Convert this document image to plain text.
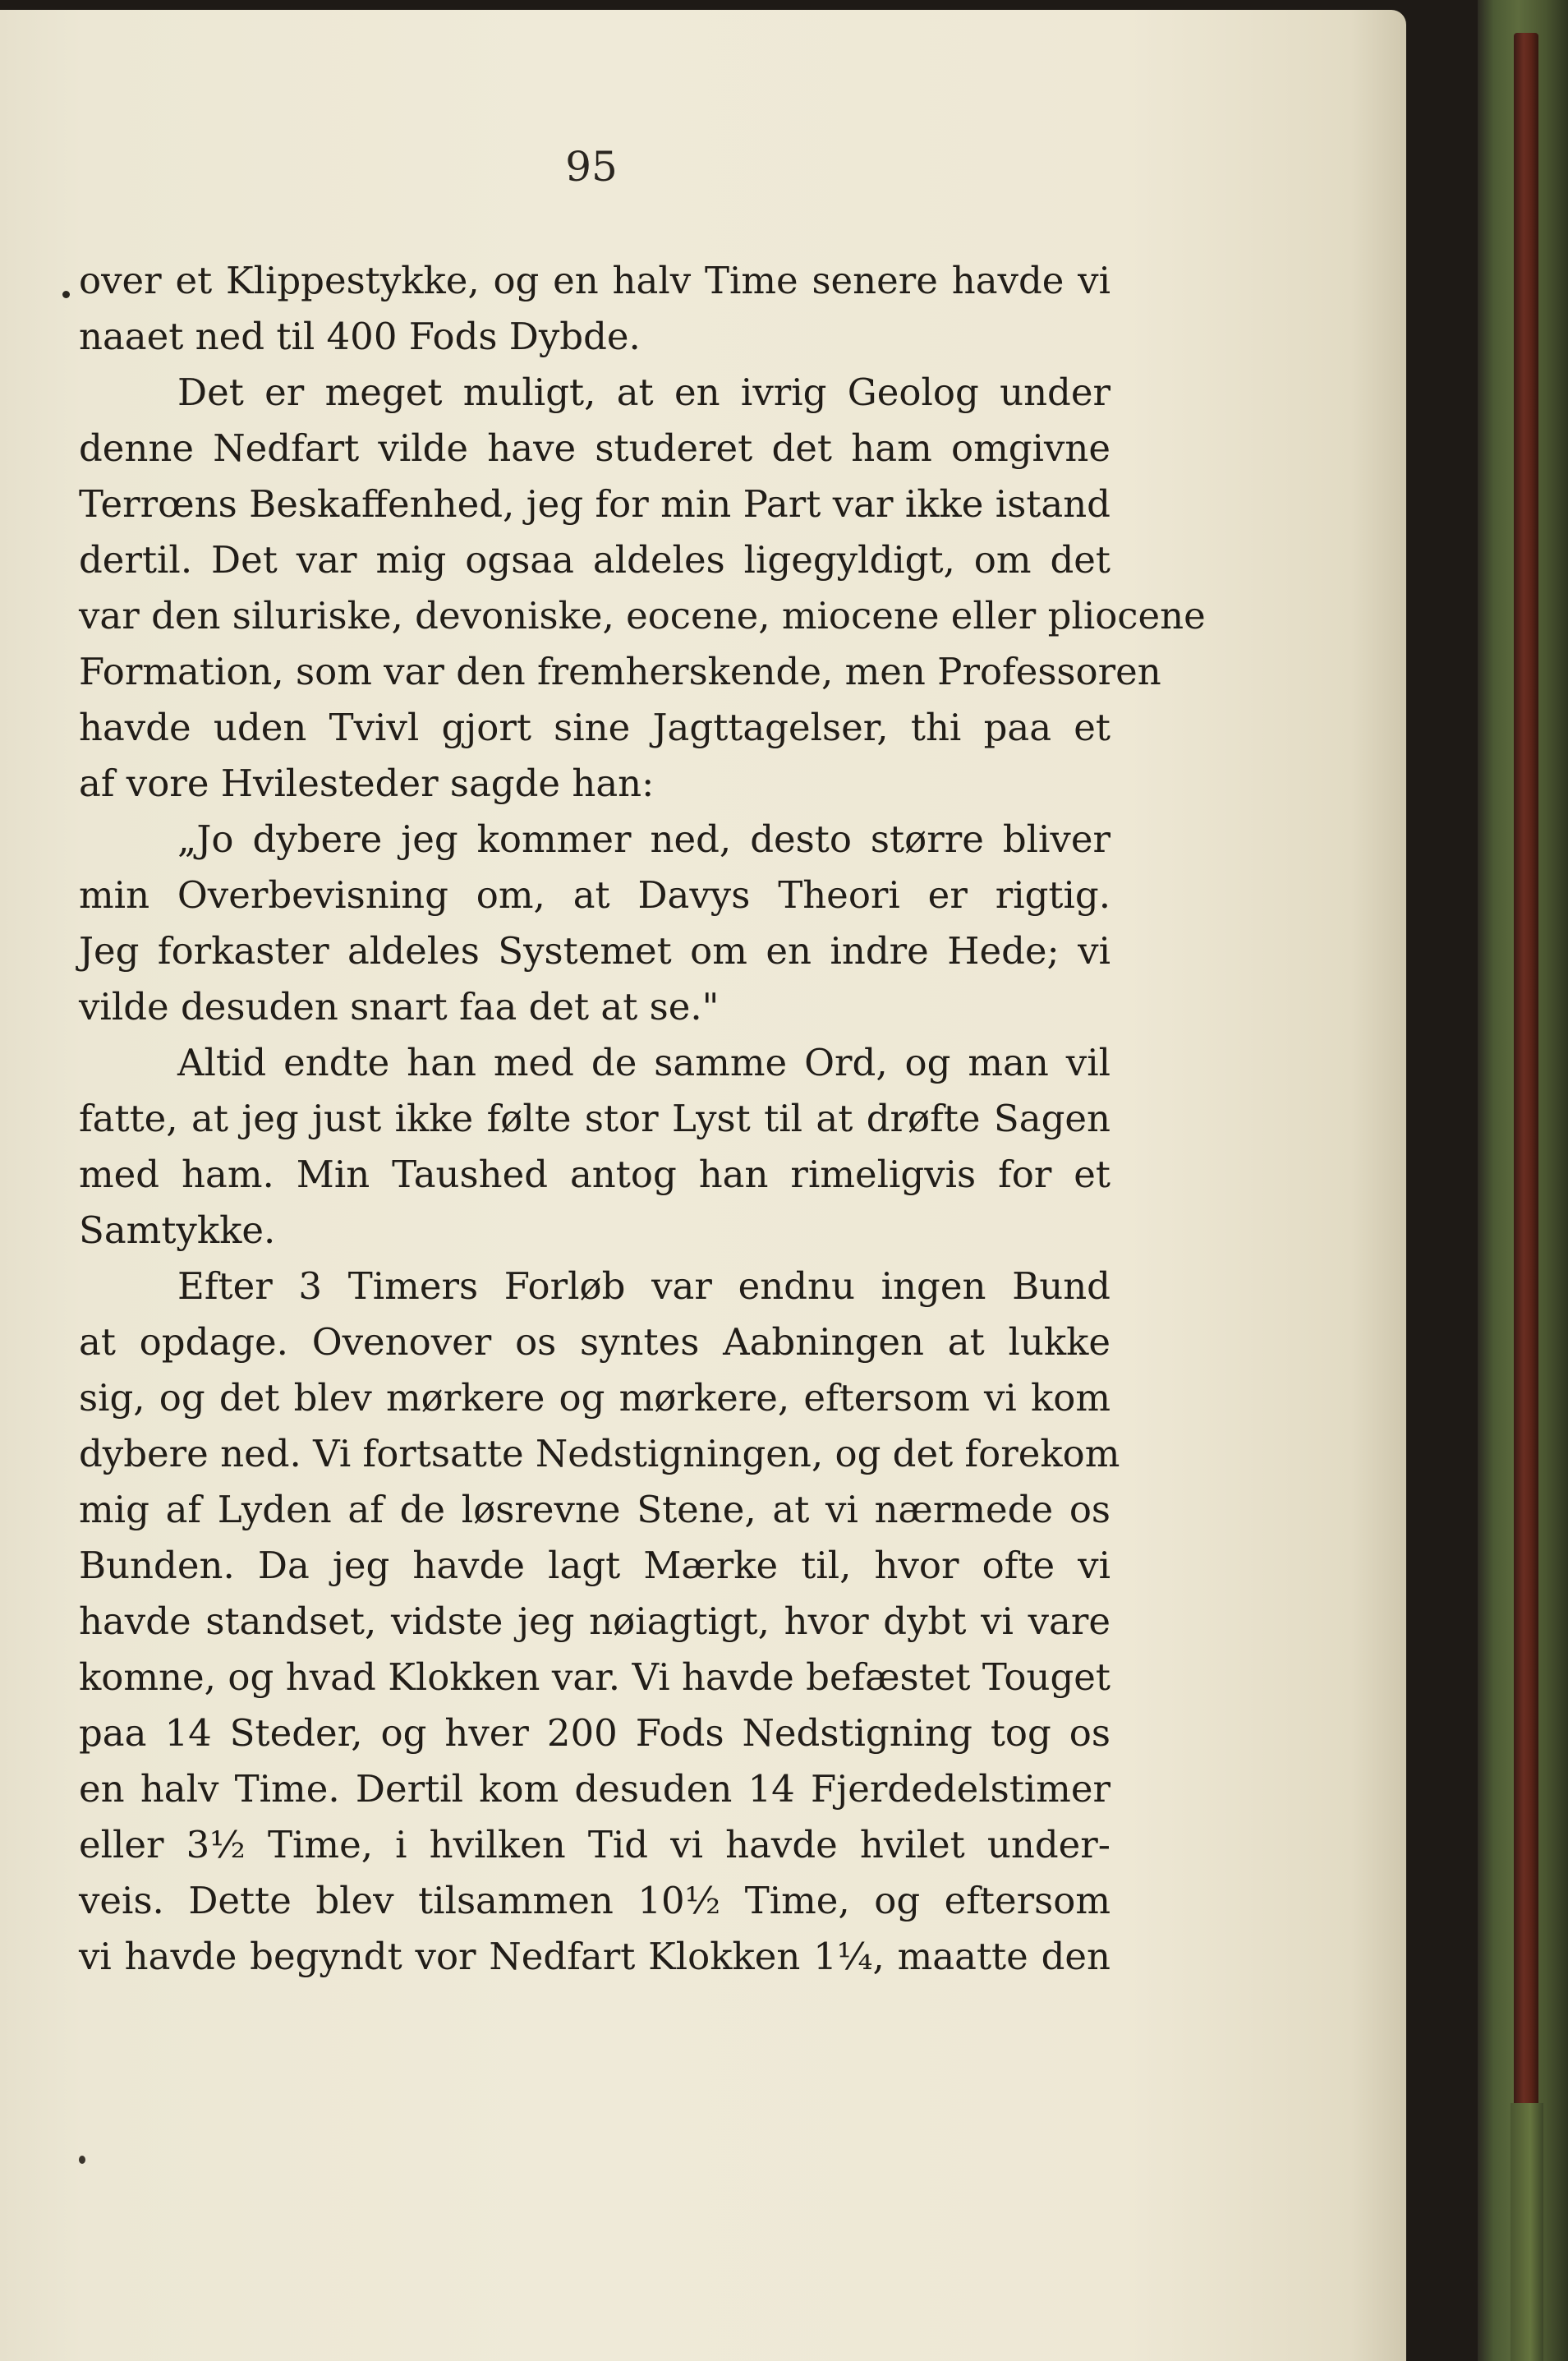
95
over et Klippestykke, og en halv Time senere havde vi
naaet ned til 400 Fods Dybde.
Det er meget muligt, at en ivrig Geolog under
denne Nedfart vilde have studeret det ham omgivne
Terrœns Beskaffenhed, jeg for min Part var ikke istand
dertil. Det var mig ogsaa aldeles ligegyldigt, om det
var den siluriske, devoniske, eocene, miocene eller pliocene
Formation, som var den fremherskende, men Professoren
havde uden Tvivl gjort sine Jagttagelser, thi paa et
af vore Hvilesteder sagde han:
„Jo dybere jeg kommer ned, desto større bliver
min Overbevisning om, at Davys Theori er rigtig.
Jeg forkaster aldeles Systemet om en indre Hede; vi
vilde desuden snart faa det at se."
Altid endte han med de samme Ord, og man vil
fatte, at jeg just ikke følte stor Lyst til at drøfte Sagen
med ham. Min Taushed antog han rimeligvis for et
Samtykke.
Efter 3 Timers Forløb var endnu ingen Bund
at opdage. Ovenover os syntes Aabningen at lukke
sig, og det blev mørkere og mørkere, eftersom vi kom
dybere ned. Vi fortsatte Nedstigningen, og det forekom
mig af Lyden af de løsrevne Stene, at vi nærmede os
Bunden. Da jeg havde lagt Mærke til, hvor ofte vi
havde standset, vidste jeg nøiagtigt, hvor dybt vi vare
komne, og hvad Klokken var. Vi havde befæstet Touget
paa 14 Steder, og hver 200 Fods Nedstigning tog os
en halv Time. Dertil kom desuden 14 Fjerdedelstimer
eller 3½ Time, i hvilken Tid vi havde hvilet under-
veis. Dette blev tilsammen 10½ Time, og eftersom
vi havde begyndt vor Nedfart Klokken 1¼, maatte den
